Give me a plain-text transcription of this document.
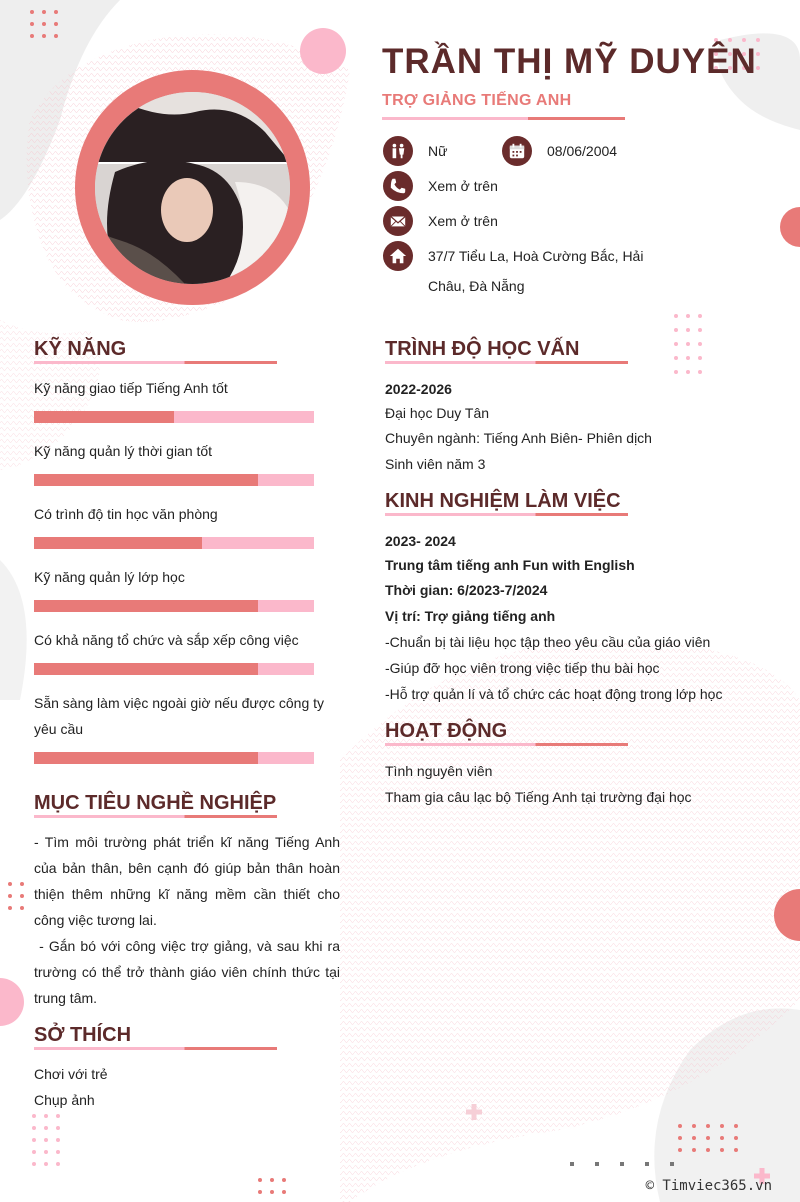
TRẦN THỊ MỸ DUYÊN
TRỢ GIẢNG TIẾNG ANH
Nữ	08/06/2004
Xem ở trên
Xem ở trên
37/7 Tiểu La, Hoà Cường Bắc, Hải
Châu, Đà Nẵng
KỸ NĂNG
Kỹ năng giao tiếp Tiếng Anh tốt
Kỹ năng quản lý thời gian tốt
Có trình độ tin học văn phòng
Kỹ năng quản lý lớp học
Có khả năng tổ chức và sắp xếp công việc
Sẵn sàng làm việc ngoài giờ nếu được công ty
yêu cầu
MỤC TIÊU NGHỀ NGHIỆP
- Tìm môi trường phát triển kĩ năng Tiếng Anh của bản thân, bên cạnh đó giúp bản thân hoàn thiện thêm những kĩ năng mềm cần thiết cho công việc tương lai.
- Gắn bó với công việc trợ giảng, và sau khi ra trường có thể trở thành giáo viên chính thức tại trung tâm.
SỞ THÍCH
Chơi với trẻ
Chụp ảnh
TRÌNH ĐỘ HỌC VẤN
2022-2026
Đại học Duy Tân
Chuyên ngành: Tiếng Anh Biên- Phiên dịch
Sinh viên năm 3
KINH NGHIỆM LÀM VIỆC
2023- 2024
Trung tâm tiếng anh Fun with English
Thời gian: 6/2023-7/2024
Vị trí: Trợ giảng tiếng anh
-Chuẩn bị tài liệu học tập theo yêu cầu của giáo viên
-Giúp đỡ học viên trong việc tiếp thu bài học
-Hỗ trợ quản lí và tổ chức các hoạt động trong lớp học
HOẠT ĐỘNG
Tình nguyên viên
Tham gia câu lạc bộ Tiếng Anh tại trường đại học
© Timviec365.vn
